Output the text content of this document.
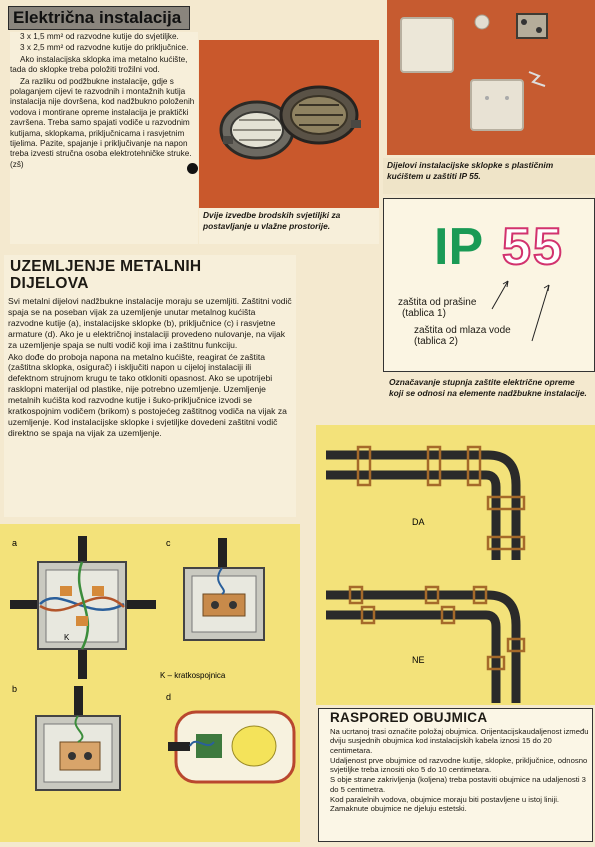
Električna instalacija

3 x 1,5 mm² od razvodne kutije do svjetiljke.

3 x 2,5 mm² od razvodne kutije do priključnice.

Ako instalacijska sklopka ima metalno kućište, tada do sklopke treba položiti trožilni vod.

Za razliku od podžbukne instalacije, gdje s polaganjem cijevi te razvodnih i montažnih kutija instalacija nije dovršena, kod nadžbukno položenih vodova i montirane opreme instalacija je praktički završena. Treba samo spajati vodiče u razvodnim kutijama, sklopkama, priključnicama i rasvjetnim tijelima. Pazite, spajanje i priključivanje na napon treba izvesti stručna osoba elektrotehničke struke. (zš)

Dvije izvedbe brodskih svjetiljki za postavljanje u vlažne prostorije.
Dijelovi instalacijske sklopke s plastičnim kućištem u zaštiti IP 55.
IP 55
zaštita od prašine
(tablica 1)
zaštita od mlaza vode
(tablica 2)
Označavanje stupnja zaštite električne opreme koji se odnosi na elemente nadžbukne instalacije.
UZEMLJENJE METALNIH
DIJELOVA

Svi metalni dijelovi nadžbukne instalacije moraju se uzemljiti. Zaštitni vodič spaja se na poseban vijak za uzemljenje unutar metalnog kućišta razvodne kutije (a), instalacijske sklopke (b), priključnice (c) i rasvjetne armature (d). Ako je u električnoj instalaciji provedeno nulovanje, na vijak za uzemljenje spaja se nulti vodič koji ima i zaštitnu funkciju.

Ako dođe do proboja napona na metalno kućište, reagirat će zaštita (zaštitna sklopka, osigurač) i isključiti napon u cijeloj instalaciji ili defektnom strujnom krugu te tako otkloniti opasnost. Ako se upotrijebi rasklopni materijal od plastike, nije potrebno uzemljenje. Uzemljenje metalnih kućišta kod razvodne kutije i šuko-priključnice izvodi se kratkospojnim vodičem (brikom) s postojećeg zaštitnog vodiča na vijak za uzemljenje. Kod instalacijske sklopke i svjetiljke dovedeni zaštitni vodič direktno se spaja na vijak za uzemljenje.

a	c
b
d
K
K – kratkospojnica
DA
NE
RASPORED OBUJMICA

Na ucrtanoj trasi označite položaj obujmica. Orijentacijskaudaljenost između dviju susjednih obujmica kod instalacijskih kabela iznosi 15 do 20 centimetara.

Udaljenost prve obujmice od razvodne kutije, sklopke, priključnice, odnosno svjetiljke treba iznositi oko 5 do 10 centimetara.

S obje strane zakrivljenja (koljena) treba postaviti obujmice na udaljenosti 3 do 5 centimetra.

Kod paralelnih vodova, obujmice moraju biti postavljene u istoj liniji. Zamaknute obujmice ne djeluju estetski.
